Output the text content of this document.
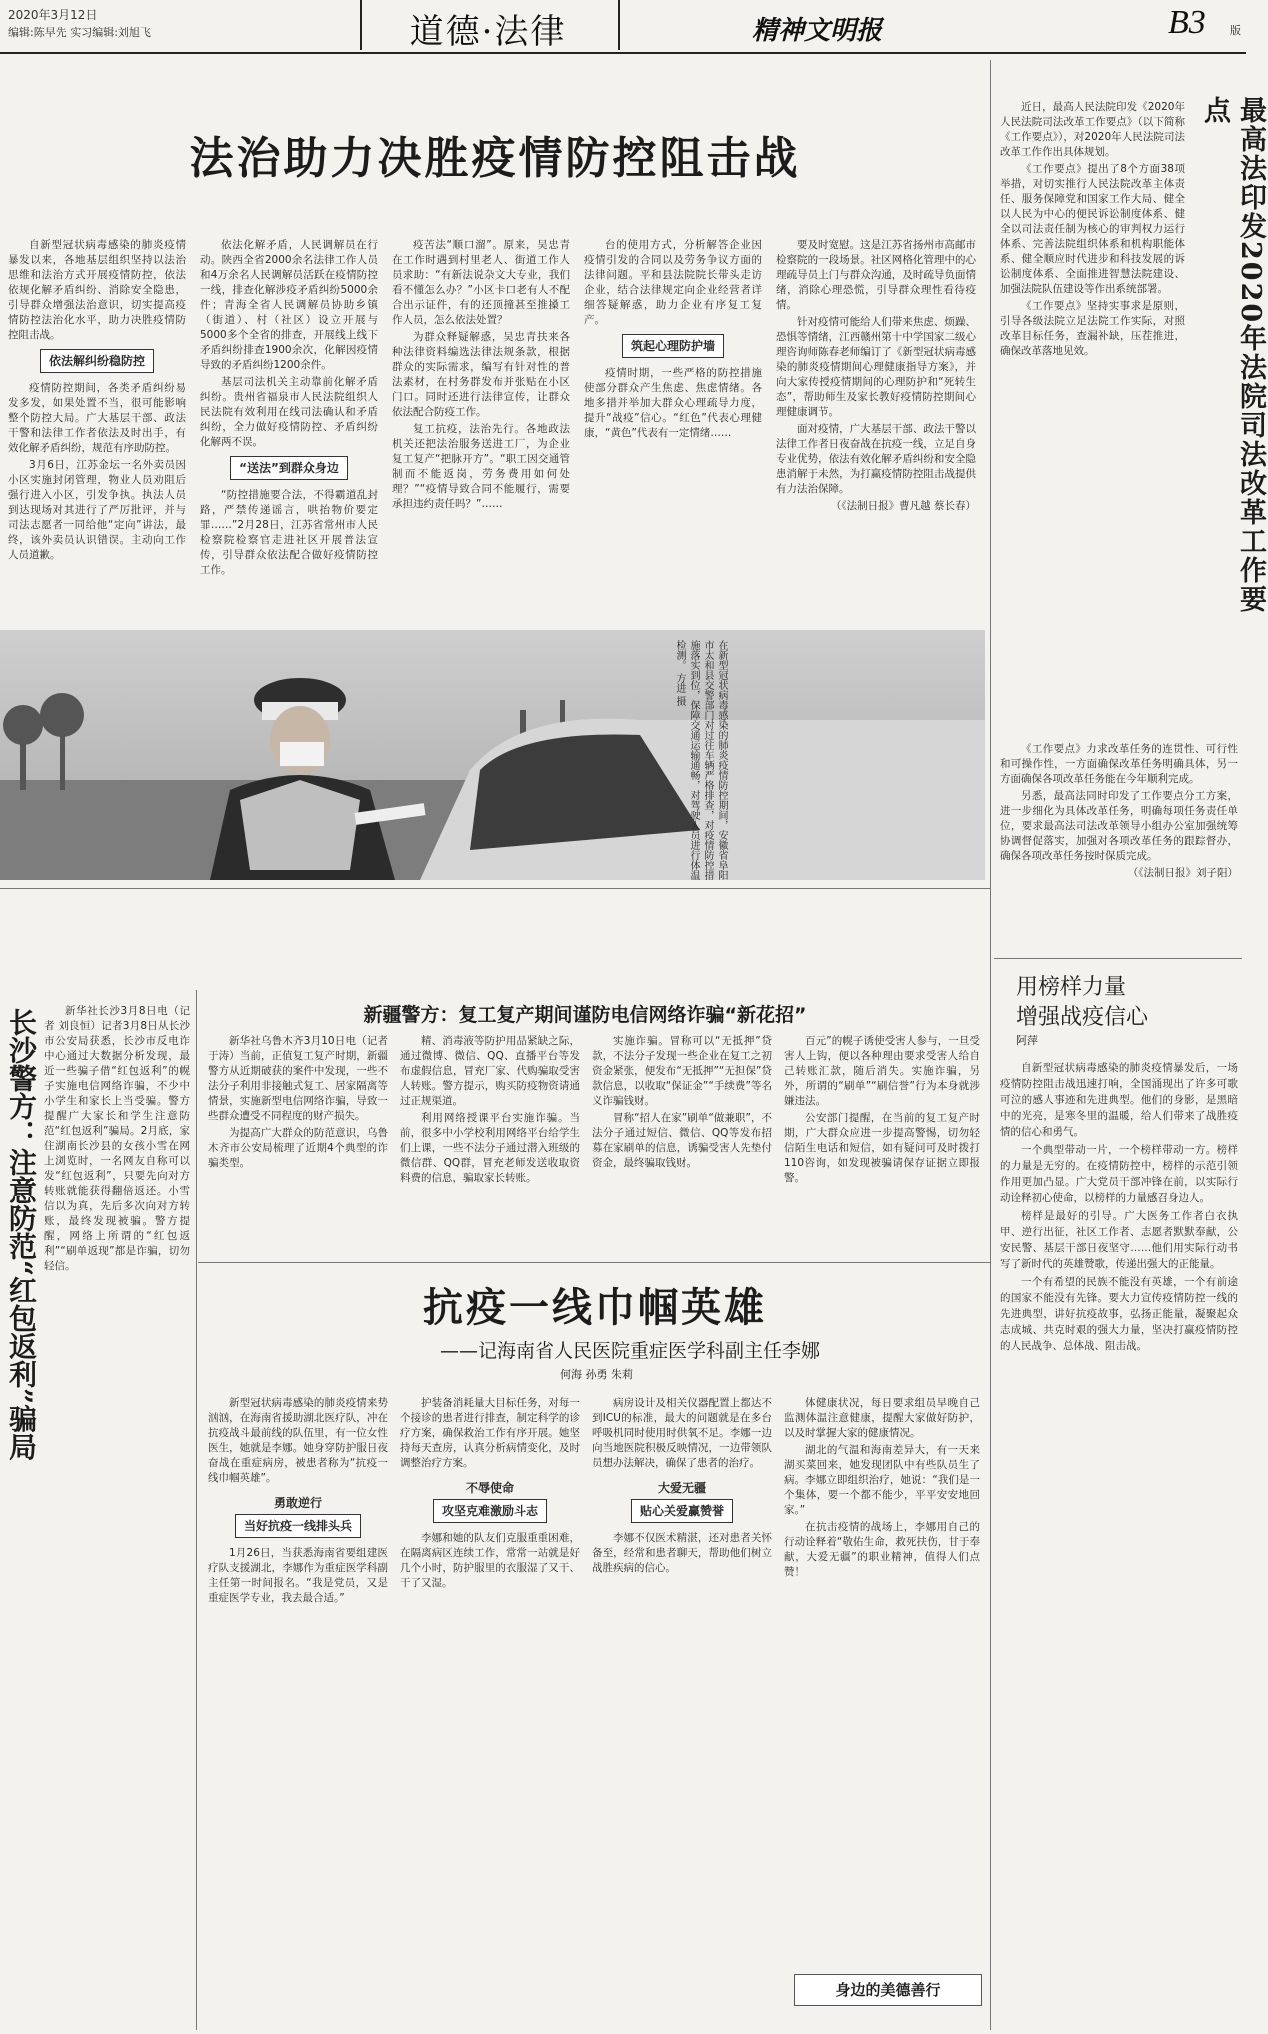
2020年3月12日
编辑:陈早先 实习编辑:刘旭飞	道德·法律	精神文明报	B3 版
法治助力决胜疫情防控阻击战

自新型冠状病毒感染的肺炎疫情暴发以来，各地基层组织坚持以法治思维和法治方式开展疫情防控，依法依规化解矛盾纠纷、消除安全隐患，引导群众增强法治意识，切实提高疫情防控法治化水平，助力决胜疫情防控阻击战。

依法解纠纷稳防控

疫情防控期间，各类矛盾纠纷易发多发，如果处置不当，很可能影响整个防控大局。广大基层干部、政法干警和法律工作者依法及时出手，有效化解矛盾纠纷，规范有序助防控。

3月6日，江苏金坛一名外卖员因小区实施封闭管理，物业人员劝阻后强行进入小区，引发争执。执法人员到达现场对其进行了严厉批评，并与司法志愿者一同给他“定向”讲法，最终，该外卖员认识错误。主动向工作人员道歉。

依法化解矛盾，人民调解员在行动。陕西全省2000余名法律工作人员和4万余名人民调解员活跃在疫情防控一线，排查化解涉疫矛盾纠纷5000余件；青海全省人民调解员协助乡镇（街道）、村（社区）设立开展与5000多个全省的排查，开展线上线下矛盾纠纷排查1900余次，化解因疫情导致的矛盾纠纷1200余件。

基层司法机关主动靠前化解矛盾纠纷。贵州省福泉市人民法院组织人民法院有效利用在线司法确认和矛盾纠纷，全力做好疫情防控、矛盾纠纷化解两不误。

“送法”到群众身边

“防控措施要合法，不得霸道乱封路，严禁传递谣言，哄抬物价要定罪……”2月28日，江苏省常州市人民检察院检察官走进社区开展普法宣传，引导群众依法配合做好疫情防控工作。

疫苦法“顺口溜”。原来，吴忠青在工作时遇到村里老人、街道工作人员求助：“有新法说杂文大专业，我们看不懂怎么办？”小区卡口老有人不配合出示证件，有的还顶撞甚至推搡工作人员，怎么依法处置？

为群众释疑解惑，吴忠青扶来各种法律资料编选法律法规条款，根据群众的实际需求，编写有针对性的普法素材，在村务群发布并张贴在小区门口。同时还进行法律宣传，让群众依法配合防疫工作。

复工抗疫，法治先行。各地政法机关还把法治服务送进工厂，为企业复工复产“把脉开方”。“职工因交通管制而不能返岗，劳务费用如何处理？”“疫情导致合同不能履行，需要承担违约责任吗？”……

台的使用方式，分析解答企业因疫情引发的合同以及劳务争议方面的法律问题。平和县法院院长带头走访企业，结合法律规定向企业经营者详细答疑解惑，助力企业有序复工复产。

筑起心理防护墙

疫情时期，一些严格的防控措施使部分群众产生焦虑、焦虑情绪。各地多措并举加大群众心理疏导力度，提升“战疫”信心。“红色”代表心理健康，“黄色”代表有一定情绪……

要及时宽慰。这是江苏省扬州市高邮市检察院的一段场景。社区网格化管理中的心理疏导员上门与群众沟通，及时疏导负面情绪，消除心理恐慌，引导群众理性看待疫情。

针对疫情可能给人们带来焦虑、烦躁、恐惧等情绪，江西赣州第十中学国家二级心理咨询师陈春老师编订了《新型冠状病毒感染的肺炎疫情期间心理健康指导方案》，并向大家传授疫情期间的心理防护和“死转生态”，帮助师生及家长教好疫情防控期间心理健康调节。

面对疫情，广大基层干部、政法干警以法律工作者日夜奋战在抗疫一线，立足自身专业优势，依法有效化解矛盾纠纷和安全隐患消解于未然，为打赢疫情防控阻击战提供有力法治保障。

（《法制日报》曹凡越 蔡长春）

在新型冠状病毒感染的肺炎疫情防控期间，安徽省阜阳市太和县交警部门对过往车辆严格排查，对疫情防控措施落实到位，保障交通运输通畅，对驾驶人员进行体温检测。 方进 摄
最高法印发2020年法院司法改革工作要点

近日，最高人民法院印发《2020年人民法院司法改革工作要点》（以下简称《工作要点》），对2020年人民法院司法改革工作作出具体规划。

《工作要点》提出了8个方面38项举措，对切实推行人民法院改革主体责任、服务保障党和国家工作大局、健全以人民为中心的便民诉讼制度体系、健全以司法责任制为核心的审判权力运行体系、完善法院组织体系和机构职能体系、健全顺应时代进步和科技发展的诉讼制度体系、全面推进智慧法院建设、加强法院队伍建设等作出系统部署。

《工作要点》坚持实事求是原则，引导各级法院立足法院工作实际，对照改革目标任务，查漏补缺，压茬推进，确保改革落地见效。

《工作要点》力求改革任务的连贯性、可行性和可操作性，一方面确保改革任务明确具体，另一方面确保各项改革任务能在今年顺利完成。

另悉，最高法同时印发了工作要点分工方案，进一步细化为具体改革任务，明确每项任务责任单位，要求最高法司法改革领导小组办公室加强统筹协调督促落实，加强对各项改革任务的跟踪督办，确保各项改革任务按时保质完成。

（《法制日报》刘子阳）

用榜样力量
增强战疫信心
阿萍

自新型冠状病毒感染的肺炎疫情暴发后，一场疫情防控阻击战迅速打响，全国涌现出了许多可歌可泣的感人事迹和先进典型。他们的身影，是黑暗中的光亮，是寒冬里的温暖，给人们带来了战胜疫情的信心和勇气。

一个典型带动一片，一个榜样带动一方。榜样的力量是无穷的。在疫情防控中，榜样的示范引领作用更加凸显。广大党员干部冲锋在前，以实际行动诠释初心使命，以榜样的力量感召身边人。

榜样是最好的引导。广大医务工作者白衣执甲、逆行出征，社区工作者、志愿者默默奉献，公安民警、基层干部日夜坚守……他们用实际行动书写了新时代的英雄赞歌，传递出强大的正能量。

一个有希望的民族不能没有英雄，一个有前途的国家不能没有先锋。要大力宣传疫情防控一线的先进典型，讲好抗疫故事，弘扬正能量，凝聚起众志成城、共克时艰的强大力量，坚决打赢疫情防控的人民战争、总体战、阻击战。

新疆警方：复工复产期间谨防电信网络诈骗“新花招”

新华社乌鲁木齐3月10日电（记者 于涛）当前，正值复工复产时期，新疆警方从近期破获的案件中发现，一些不法分子利用非接触式复工、居家隔离等情景，实施新型电信网络诈骗，导致一些群众遭受不同程度的财产损失。

为提高广大群众的防范意识，乌鲁木齐市公安局梳理了近期4个典型的诈骗类型。

精、消毒液等防护用品紧缺之际，通过微博、微信、QQ、直播平台等发布虚假信息，冒充厂家、代购骗取受害人转账。警方提示，购买防疫物资请通过正规渠道。

利用网络授课平台实施诈骗。当前，很多中小学校利用网络平台给学生们上课，一些不法分子通过潜入班级的微信群、QQ群，冒充老师发送收取资料费的信息，骗取家长转账。

实施诈骗。冒称可以“无抵押”贷款，不法分子发现一些企业在复工之初资金紧张，便发布“无抵押”“无担保”贷款信息，以收取“保证金”“手续费”等名义诈骗钱财。

冒称“招人在家”刷单“做兼职”，不法分子通过短信、微信、QQ等发布招募在家刷单的信息，诱骗受害人先垫付资金，最终骗取钱财。

百元”的幌子诱使受害人参与，一旦受害人上钩，便以各种理由要求受害人给自己转账汇款，随后消失。实施诈骗，另外，所谓的“刷单”“刷信誉”行为本身就涉嫌违法。

公安部门提醒，在当前的复工复产时期，广大群众应进一步提高警惕，切勿轻信陌生电话和短信，如有疑问可及时拨打110咨询，如发现被骗请保存证据立即报警。

长沙警方：注意防范“红包返利”骗局	新华社长沙3月8日电（记者 刘良恒）记者3月8日从长沙市公安局获悉，长沙市反电诈中心通过大数据分析发现，最近一些骗子借“红包返利”的幌子实施电信网络诈骗，不少中小学生和家长上当受骗。警方提醒广大家长和学生注意防范“红包返利”骗局。2月底，家住湖南长沙县的女孩小雪在网上浏览时，一名网友自称可以发“红包返利”，只要先向对方转账就能获得翻倍返还。小雪信以为真，先后多次向对方转账，最终发现被骗。警方提醒，网络上所谓的“红包返利”“刷单返现”都是诈骗，切勿轻信。

抗疫一线巾帼英雄
——记海南省人民医院重症医学科副主任李娜
何海 孙勇 朱莉

新型冠状病毒感染的肺炎疫情来势汹汹，在海南省援助湖北医疗队，冲在抗疫战斗最前线的队伍里，有一位女性医生，她就是李娜。她身穿防护服日夜奋战在重症病房，被患者称为“抗疫一线巾帼英雄”。

勇敢逆行
当好抗疫一线排头兵

1月26日，当获悉海南省要组建医疗队支援湖北，李娜作为重症医学科副主任第一时间报名。“我是党员，又是重症医学专业，我去最合适。”

护装备消耗量大目标任务，对每一个接诊的患者进行排查，制定科学的诊疗方案，确保救治工作有序开展。她坚持每天查房，认真分析病情变化，及时调整治疗方案。

不辱使命
攻坚克难激励斗志

李娜和她的队友们克服重重困难，在隔离病区连续工作，常常一站就是好几个小时，防护服里的衣服湿了又干、干了又湿。

病房设计及相关仪器配置上都达不到ICU的标准，最大的问题就是在多台呼吸机同时使用时供氧不足。李娜一边向当地医院积极反映情况，一边带领队员想办法解决，确保了患者的治疗。

大爱无疆
贴心关爱赢赞誉

李娜不仅医术精湛，还对患者关怀备至，经常和患者聊天，帮助他们树立战胜疾病的信心。

体健康状况，每日要求组员早晚自己监测体温注意健康，提醒大家做好防护，以及时掌握大家的健康情况。

湖北的气温和海南差异大，有一天来湖买菜回来，她发现团队中有些队员生了病。李娜立即组织治疗，她说：“我们是一个集体，要一个都不能少，平平安安地回家。”

在抗击疫情的战场上，李娜用自己的行动诠释着“敬佑生命，救死扶伤，甘于奉献，大爱无疆”的职业精神，值得人们点赞！

身边的美德善行
